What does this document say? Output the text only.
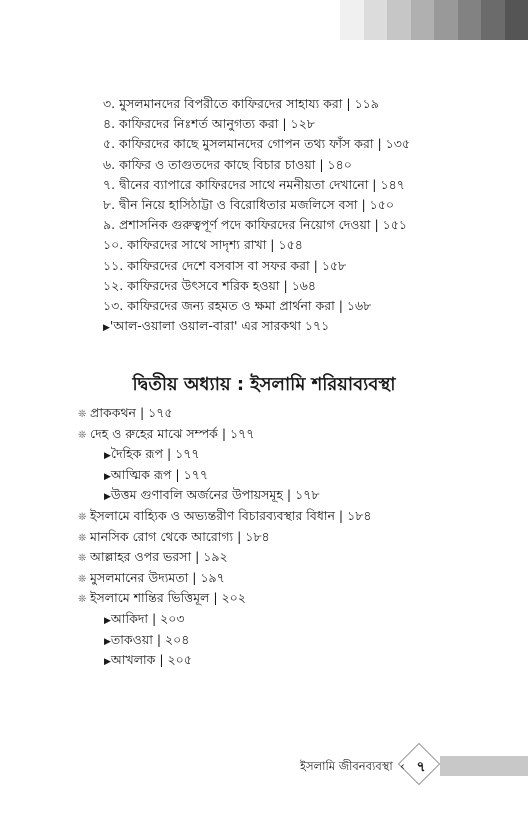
৩. মুসলমানদের বিপরীতে কাফিরদের সাহায্য করা | ১১৯
৪. কাফিরদের নিঃশর্ত আনুগত্য করা | ১২৮
৫. কাফিরদের কাছে মুসলমানদের গোপন তথ্য ফাঁস করা | ১৩৫
৬. কাফির ও তাগুতদের কাছে বিচার চাওয়া | ১৪০
৭. দ্বীনের ব্যাপারে কাফিরদের সাথে নমনীয়তা দেখানো | ১৪৭
৮. দ্বীন নিয়ে হাসিঠাট্টা ও বিরোধিতার মজলিসে বসা | ১৫০
৯. প্রশাসনিক গুরুত্বপূর্ণ পদে কাফিরদের নিয়োগ দেওয়া | ১৫১
১০. কাফিরদের সাথে সাদৃশ্য রাখা | ১৫৪
১১. কাফিরদের দেশে বসবাস বা সফর করা | ১৫৮
১২. কাফিরদের উৎসবে শরিক হওয়া | ১৬৪
১৩. কাফিরদের জন্য রহমত ও ক্ষমা প্রার্থনা করা | ১৬৮
▶'আল-ওয়ালা ওয়াল-বারা' এর সারকথা ১৭১
দ্বিতীয় অধ্যায় : ইসলামি শরিয়াব্যবস্থা
❊ প্রাককথন | ১৭৫
❊ দেহ ও রুহের মাঝে সম্পর্ক | ১৭৭
▶দৈহিক রূপ | ১৭৭
▶আত্মিক রূপ | ১৭৭
▶উত্তম গুণাবলি অর্জনের উপায়সমূহ | ১৭৮
❊ ইসলামে বাহ্যিক ও অভ্যন্তরীণ বিচারব্যবস্থার বিধান | ১৮৪
❊ মানসিক রোগ থেকে আরোগ্য | ১৮৪
❊ আল্লাহর ওপর ভরসা | ১৯২
❊ মুসলমানের উদ্যমতা | ১৯৭
❊ ইসলামে শান্তির ভিত্তিমূল | ২০২
▶আকিদা | ২০৩
▶তাকওয়া | ২০৪
▶আখলাক | ২০৫
ইসলামি জীবনব্যবস্থা ‹ ৭
